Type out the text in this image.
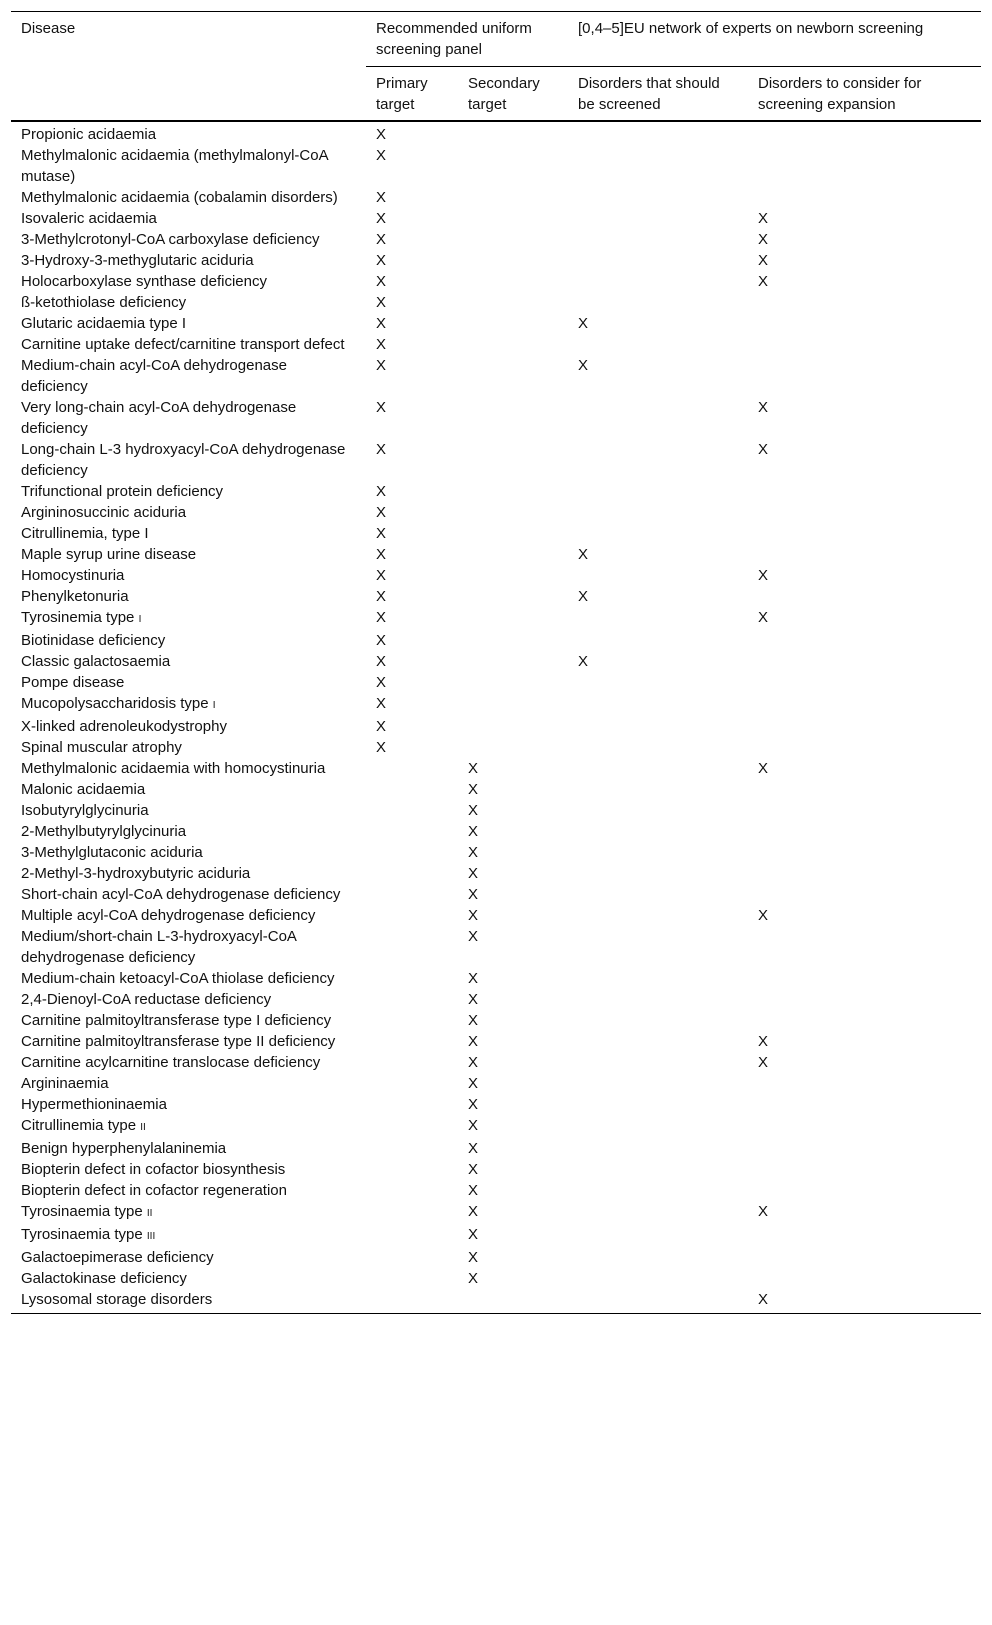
Disease	Recommended uniform screening panel		[0,4–5]EU network of experts on newborn screening	
	Primary target	Secondary target	Disorders that should be screened	Disorders to consider for screening expansion
Propionic acidaemia	X			
Methylmalonic acidaemia (methylmalonyl-CoA mutase)	X			
Methylmalonic acidaemia (cobalamin disorders)	X			
Isovaleric acidaemia	X			X
3-Methylcrotonyl-CoA carboxylase deficiency	X			X
3-Hydroxy-3-methyglutaric aciduria	X			X
Holocarboxylase synthase deficiency	X			X
ß-ketothiolase deficiency	X			
Glutaric acidaemia type I	X		X	
Carnitine uptake defect/carnitine transport defect	X			
Medium-chain acyl-CoA dehydrogenase deficiency	X		X	
Very long-chain acyl-CoA dehydrogenase deficiency	X			X
Long-chain L-3 hydroxyacyl-CoA dehydrogenase deficiency	X			X
Trifunctional protein deficiency	X			
Argininosuccinic aciduria	X			
Citrullinemia, type I	X			
Maple syrup urine disease	X		X	
Homocystinuria	X			X
Phenylketonuria	X		X	
Tyrosinemia type I	X			X
Biotinidase deficiency	X			
Classic galactosaemia	X		X	
Pompe disease	X			
Mucopolysaccharidosis type I	X			
X-linked adrenoleukodystrophy	X			
Spinal muscular atrophy	X			
Methylmalonic acidaemia with homocystinuria		X		X
Malonic acidaemia		X		
Isobutyrylglycinuria		X		
2-Methylbutyrylglycinuria		X		
3-Methylglutaconic aciduria		X		
2-Methyl-3-hydroxybutyric aciduria		X		
Short-chain acyl-CoA dehydrogenase deficiency		X		
Multiple acyl-CoA dehydrogenase deficiency		X		X
Medium/short-chain L-3-hydroxyacyl-CoA dehydrogenase deficiency		X		
Medium-chain ketoacyl-CoA thiolase deficiency		X		
2,4-Dienoyl-CoA reductase deficiency		X		
Carnitine palmitoyltransferase type I deficiency		X		
Carnitine palmitoyltransferase type II deficiency		X		X
Carnitine acylcarnitine translocase deficiency		X		X
Argininaemia		X		
Hypermethioninaemia		X		
Citrullinemia type II		X		
Benign hyperphenylalaninemia		X		
Biopterin defect in cofactor biosynthesis		X		
Biopterin defect in cofactor regeneration		X		
Tyrosinaemia type II		X		X
Tyrosinaemia type III		X		
Galactoepimerase deficiency		X		
Galactokinase deficiency		X		
Lysosomal storage disorders				X
